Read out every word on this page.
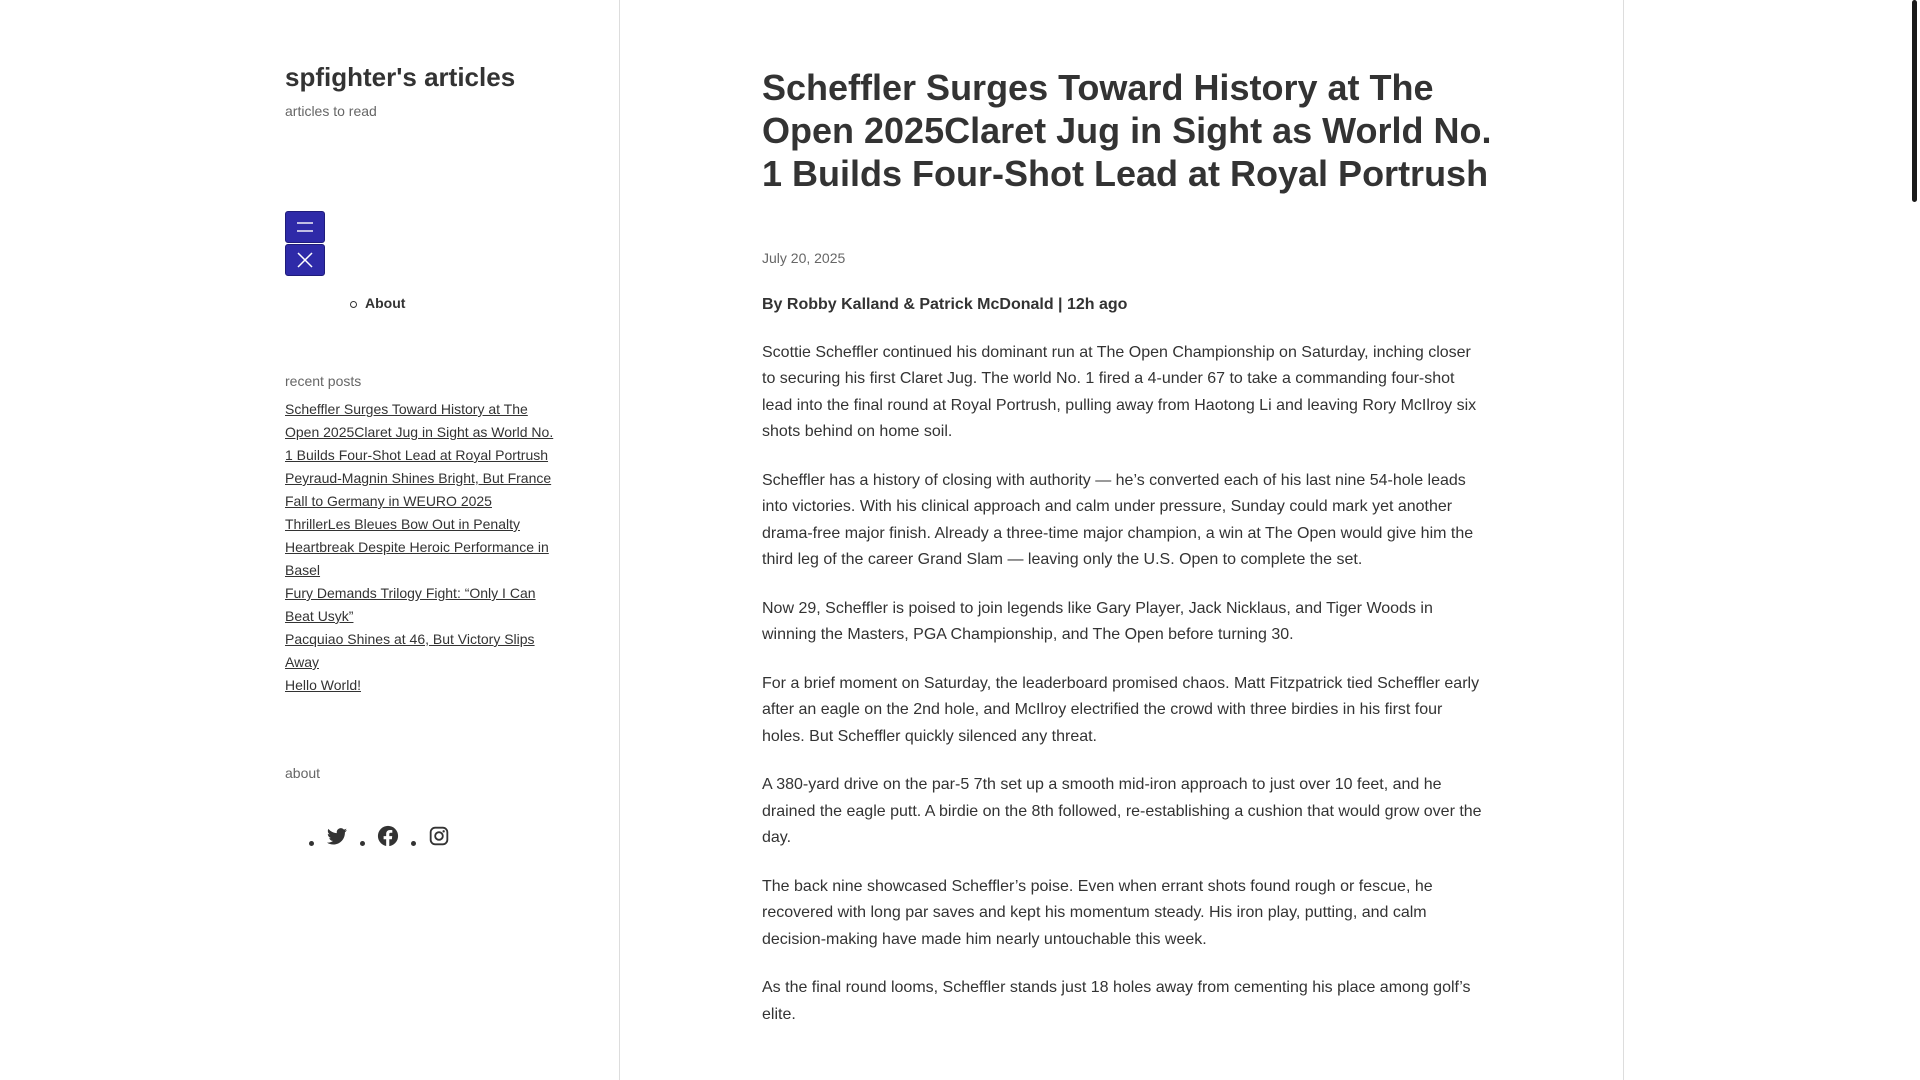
spfighter's articles
articles to read
About
recent posts
Scheffler Surges Toward History at The Open 2025Claret Jug in Sight as World No. 1 Builds Four-Shot Lead at Royal Portrush
Peyraud-Magnin Shines Bright, But France Fall to Germany in WEURO 2025 ThrillerLes Bleues Bow Out in Penalty Heartbreak Despite Heroic Performance in Basel
Fury Demands Trilogy Fight: “Only I Can Beat Usyk”
Pacquiao Shines at 46, But Victory Slips Away
Hello World!
about
Scheffler Surges Toward History at The Open 2025Claret Jug in Sight as World No. 1 Builds Four-Shot Lead at Royal Portrush
July 20, 2025

By Robby Kalland & Patrick McDonald | 12h ago

Scottie Scheffler continued his dominant run at The Open Championship on Saturday, inching closer to securing his first Claret Jug. The world No. 1 fired a 4-under 67 to take a commanding four-shot lead into the final round at Royal Portrush, pulling away from Haotong Li and leaving Rory McIlroy six shots behind on home soil.

Scheffler has a history of closing with authority — he’s converted each of his last nine 54-hole leads into victories. With his clinical approach and calm under pressure, Sunday could mark yet another drama-free major finish. Already a three-time major champion, a win at The Open would give him the third leg of the career Grand Slam — leaving only the U.S. Open to complete the set.

Now 29, Scheffler is poised to join legends like Gary Player, Jack Nicklaus, and Tiger Woods in winning the Masters, PGA Championship, and The Open before turning 30.

For a brief moment on Saturday, the leaderboard promised chaos. Matt Fitzpatrick tied Scheffler early after an eagle on the 2nd hole, and McIlroy electrified the crowd with three birdies in his first four holes. But Scheffler quickly silenced any threat.

A 380-yard drive on the par-5 7th set up a smooth mid-iron approach to just over 10 feet, and he drained the eagle putt. A birdie on the 8th followed, re-establishing a cushion that would grow over the day.

The back nine showcased Scheffler’s poise. Even when errant shots found rough or fescue, he recovered with long par saves and kept his momentum steady. His iron play, putting, and calm decision-making have made him nearly untouchable this week.

As the final round looms, Scheffler stands just 18 holes away from cementing his place among golf’s elite.
